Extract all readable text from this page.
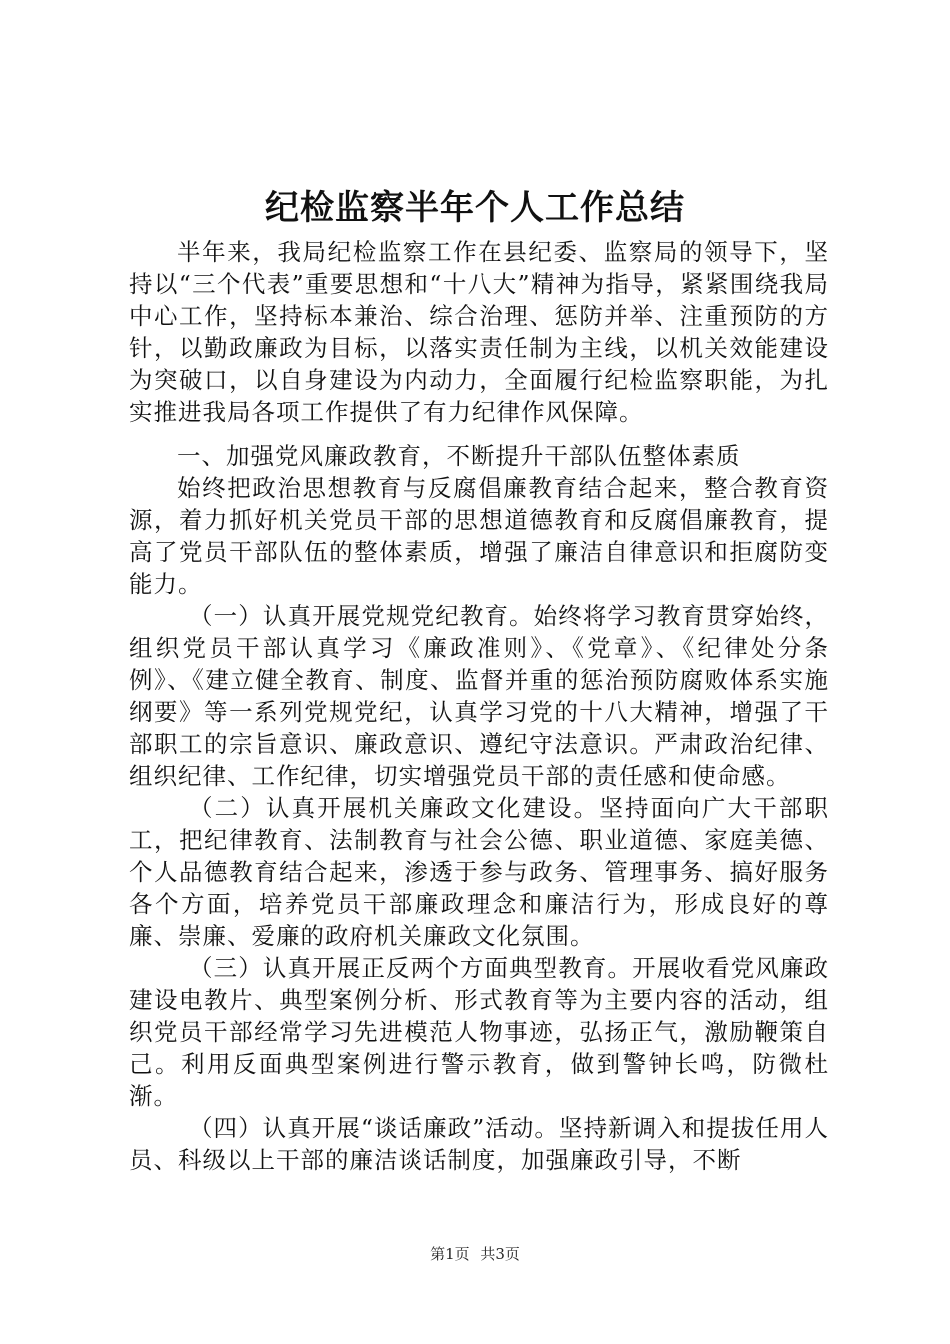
纪检监察半年个人工作总结

半年来，我局纪检监察工作在县纪委、监察局的领导下，坚持以“三个代表”重要思想和“十八大”精神为指导，紧紧围绕我局中心工作，坚持标本兼治、综合治理、惩防并举、注重预防的方针，以勤政廉政为目标，以落实责任制为主线，以机关效能建设为突破口，以自身建设为内动力，全面履行纪检监察职能，为扎实推进我局各项工作提供了有力纪律作风保障。

一、加强党风廉政教育，不断提升干部队伍整体素质

始终把政治思想教育与反腐倡廉教育结合起来，整合教育资源，着力抓好机关党员干部的思想道德教育和反腐倡廉教育，提高了党员干部队伍的整体素质，增强了廉洁自律意识和拒腐防变能力。

（一）认真开展党规党纪教育。始终将学习教育贯穿始终，组织党员干部认真学习《廉政准则》、《党章》、《纪律处分条例》、《建立健全教育、制度、监督并重的惩治预防腐败体系实施纲要》等一系列党规党纪，认真学习党的十八大精神，增强了干部职工的宗旨意识、廉政意识、遵纪守法意识。严肃政治纪律、组织纪律、工作纪律，切实增强党员干部的责任感和使命感。

（二）认真开展机关廉政文化建设。坚持面向广大干部职工，把纪律教育、法制教育与社会公德、职业道德、家庭美德、个人品德教育结合起来，渗透于参与政务、管理事务、搞好服务各个方面，培养党员干部廉政理念和廉洁行为，形成良好的尊廉、崇廉、爱廉的政府机关廉政文化氛围。

（三）认真开展正反两个方面典型教育。开展收看党风廉政建设电教片、典型案例分析、形式教育等为主要内容的活动，组织党员干部经常学习先进模范人物事迹，弘扬正气，激励鞭策自己。利用反面典型案例进行警示教育，做到警钟长鸣，防微杜渐。

（四）认真开展“谈话廉政”活动。坚持新调入和提拔任用人员、科级以上干部的廉洁谈话制度，加强廉政引导，不断

第1页 共3页
